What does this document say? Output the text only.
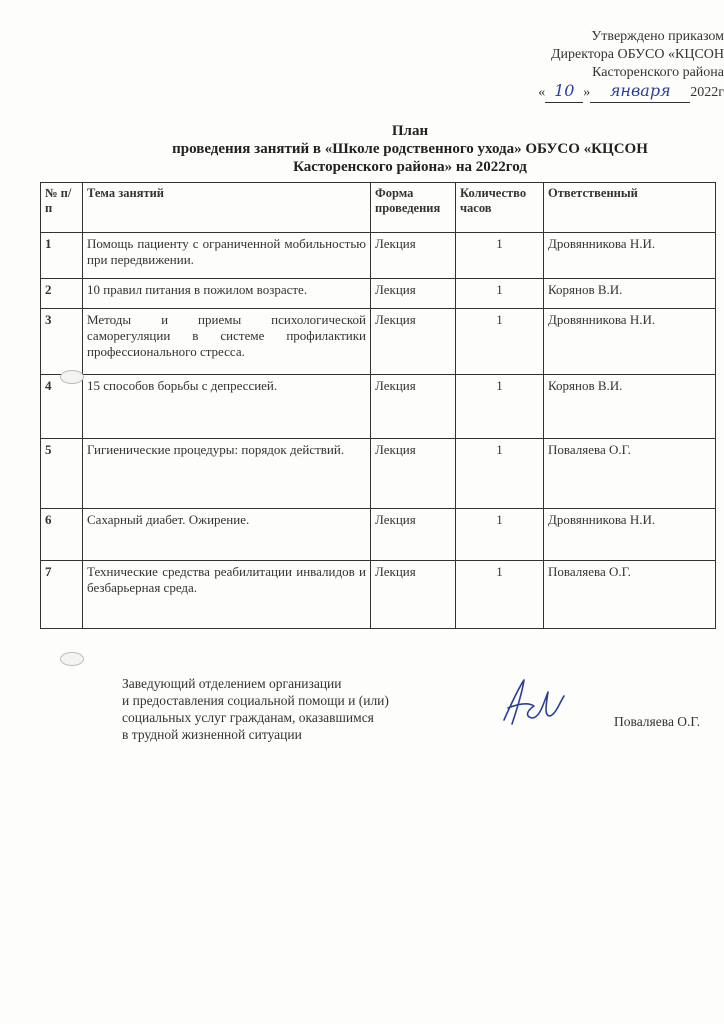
Утверждено приказом
Директора ОБУСО «КЦСОН
Касторенского района
« 10 » января 2022г
План
проведения занятий в «Школе родственного ухода» ОБУСО «КЦСОН
Касторенского района» на 2022год
№ п/п	Тема занятий	Форма проведения	Количество часов	Ответственный
1	Помощь пациенту с ограниченной мобильностью при передвижении.	Лекция	1	Дровянникова Н.И.
2	10 правил питания в пожилом возрасте.	Лекция	1	Корянов В.И.
3	Методы и приемы психологической саморегуляции в системе профилактики профессионального стресса.	Лекция	1	Дровянникова Н.И.
4	15 способов борьбы с депрессией.	Лекция	1	Корянов В.И.
5	Гигиенические процедуры: порядок действий.	Лекция	1	Поваляева О.Г.
6	Сахарный диабет. Ожирение.	Лекция	1	Дровянникова Н.И.
7	Технические средства реабилитации инвалидов и безбарьерная среда.	Лекция	1	Поваляева О.Г.
Заведующий отделением организации
и предоставления социальной помощи и (или)
социальных услуг гражданам, оказавшимся
в трудной жизненной ситуации
Поваляева О.Г.
